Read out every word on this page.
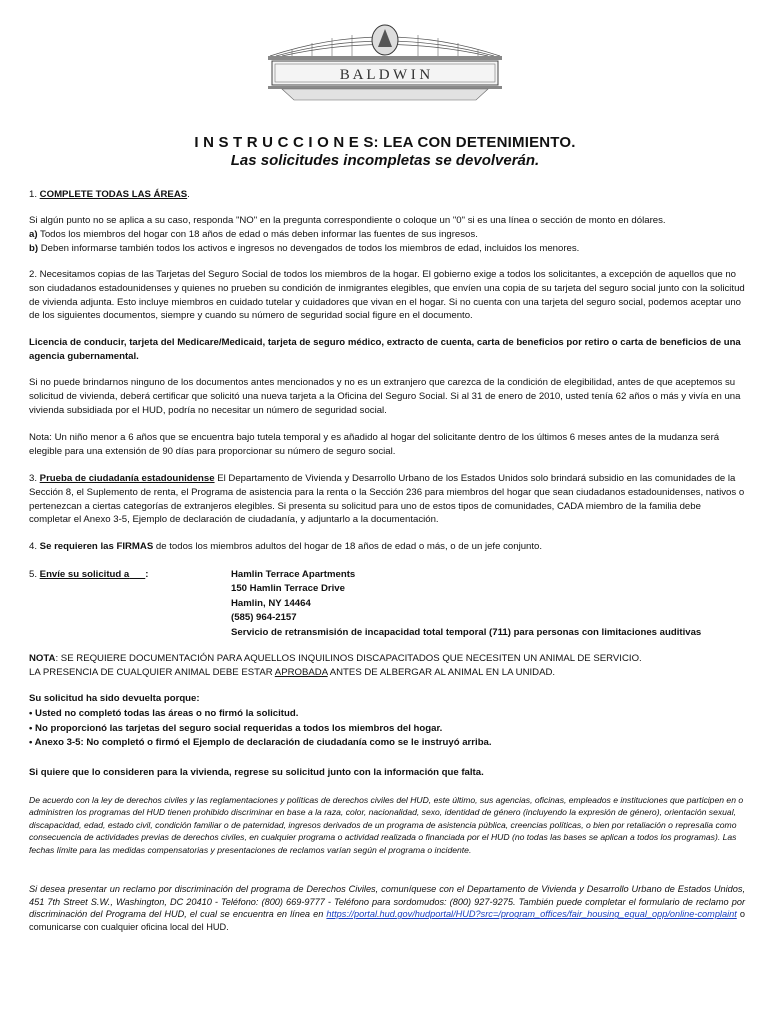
B A L D W I N
I N S T R U C C I O N E S: LEA CON DETENIMIENTO.
Las solicitudes incompletas se devolverán.
1. COMPLETE TODAS LAS ÁREAS.
Si algún punto no se aplica a su caso, responda "NO" en la pregunta correspondiente o coloque un "0" si es una línea o sección de monto en dólares.
a) Todos los miembros del hogar con 18 años de edad o más deben informar las fuentes de sus ingresos.
b) Deben informarse también todos los activos e ingresos no devengados de todos los miembros de edad, incluidos los menores.
2. Necesitamos copias de las Tarjetas del Seguro Social de todos los miembros de la hogar. El gobierno exige a todos los solicitantes, a excepción de aquellos que no son ciudadanos estadounidenses y quienes no prueben su condición de inmigrantes elegibles, que envíen una copia de su tarjeta del seguro social junto con la solicitud de vivienda adjunta. Esto incluye miembros en cuidado tutelar y cuidadores que vivan en el hogar. Si no cuenta con una tarjeta del seguro social, podemos aceptar uno de los siguientes documentos, siempre y cuando su número de seguridad social figure en el documento.
Licencia de conducir, tarjeta del Medicare/Medicaid, tarjeta de seguro médico, extracto de cuenta, carta de beneficios por retiro o carta de beneficios de una agencia gubernamental.
Si no puede brindarnos ninguno de los documentos antes mencionados y no es un extranjero que carezca de la condición de elegibilidad, antes de que aceptemos su solicitud de vivienda, deberá certificar que solicitó una nueva tarjeta a la Oficina del Seguro Social. Si al 31 de enero de 2010, usted tenía 62 años o más y vivía en una vivienda subsidiada por el HUD, podría no necesitar un número de seguridad social.
Nota: Un niño menor a 6 años que se encuentra bajo tutela temporal y es añadido al hogar del solicitante dentro de los últimos 6 meses antes de la mudanza será elegible para una extensión de 90 días para proporcionar su número de seguro social.
3. Prueba de ciudadanía estadounidense El Departamento de Vivienda y Desarrollo Urbano de los Estados Unidos solo brindará subsidio en las comunidades de la Sección 8, el Suplemento de renta, el Programa de asistencia para la renta o la Sección 236 para miembros del hogar que sean ciudadanos estadounidenses, nativos o pertenezcan a ciertas categorías de extranjeros elegibles. Si presenta su solicitud para uno de estos tipos de comunidades, CADA miembro de la familia debe completar el Anexo 3-5, Ejemplo de declaración de ciudadanía, y adjuntarlo a la documentación.
4. Se requieren las FIRMAS de todos los miembros adultos del hogar de 18 años de edad o más, o de un jefe conjunto.
5. Envíe su solicitud a :	Hamlin Terrace Apartments
150 Hamlin Terrace Drive
Hamlin, NY 14464
(585) 964-2157
Servicio de retransmisión de incapacidad total temporal (711) para personas con limitaciones auditivas
NOTA: SE REQUIERE DOCUMENTACIÓN PARA AQUELLOS INQUILINOS DISCAPACITADOS QUE NECESITEN UN ANIMAL DE SERVICIO.
LA PRESENCIA DE CUALQUIER ANIMAL DEBE ESTAR APROBADA ANTES DE ALBERGAR AL ANIMAL EN LA UNIDAD.
Su solicitud ha sido devuelta porque:
• Usted no completó todas las áreas o no firmó la solicitud.
• No proporcionó las tarjetas del seguro social requeridas a todos los miembros del hogar.
• Anexo 3-5: No completó o firmó el Ejemplo de declaración de ciudadanía como se le instruyó arriba.
Si quiere que lo consideren para la vivienda, regrese su solicitud junto con la información que falta.
De acuerdo con la ley de derechos civiles y las reglamentaciones y políticas de derechos civiles del HUD, este último, sus agencias, oficinas, empleados e instituciones que participen en o administren los programas del HUD tienen prohibido discriminar en base a la raza, color, nacionalidad, sexo, identidad de género (incluyendo la expresión de género), orientación sexual, discapacidad, edad, estado civil, condición familiar o de paternidad, ingresos derivados de un programa de asistencia pública, creencias políticas, o bien por retaliación o represalia como consecuencia de actividades previas de derechos civiles, en cualquier programa o actividad realizada o financiada por el HUD (no todas las bases se aplican a todos los programas). Las fechas límite para las medidas compensatorias y presentaciones de reclamos varían según el programa o incidente.
Si desea presentar un reclamo por discriminación del programa de Derechos Civiles, comuníquese con el Departamento de Vivienda y Desarrollo Urbano de Estados Unidos, 451 7th Street S.W., Washington, DC 20410 - Teléfono: (800) 669-9777 - Teléfono para sordomudos: (800) 927-9275. También puede completar el formulario de reclamo por discriminación del Programa del HUD, el cual se encuentra en línea en https://portal.hud.gov/hudportal/HUD?src=/program_offices/fair_housing_equal_opp/online-complaint o comunicarse con cualquier oficina local del HUD.
